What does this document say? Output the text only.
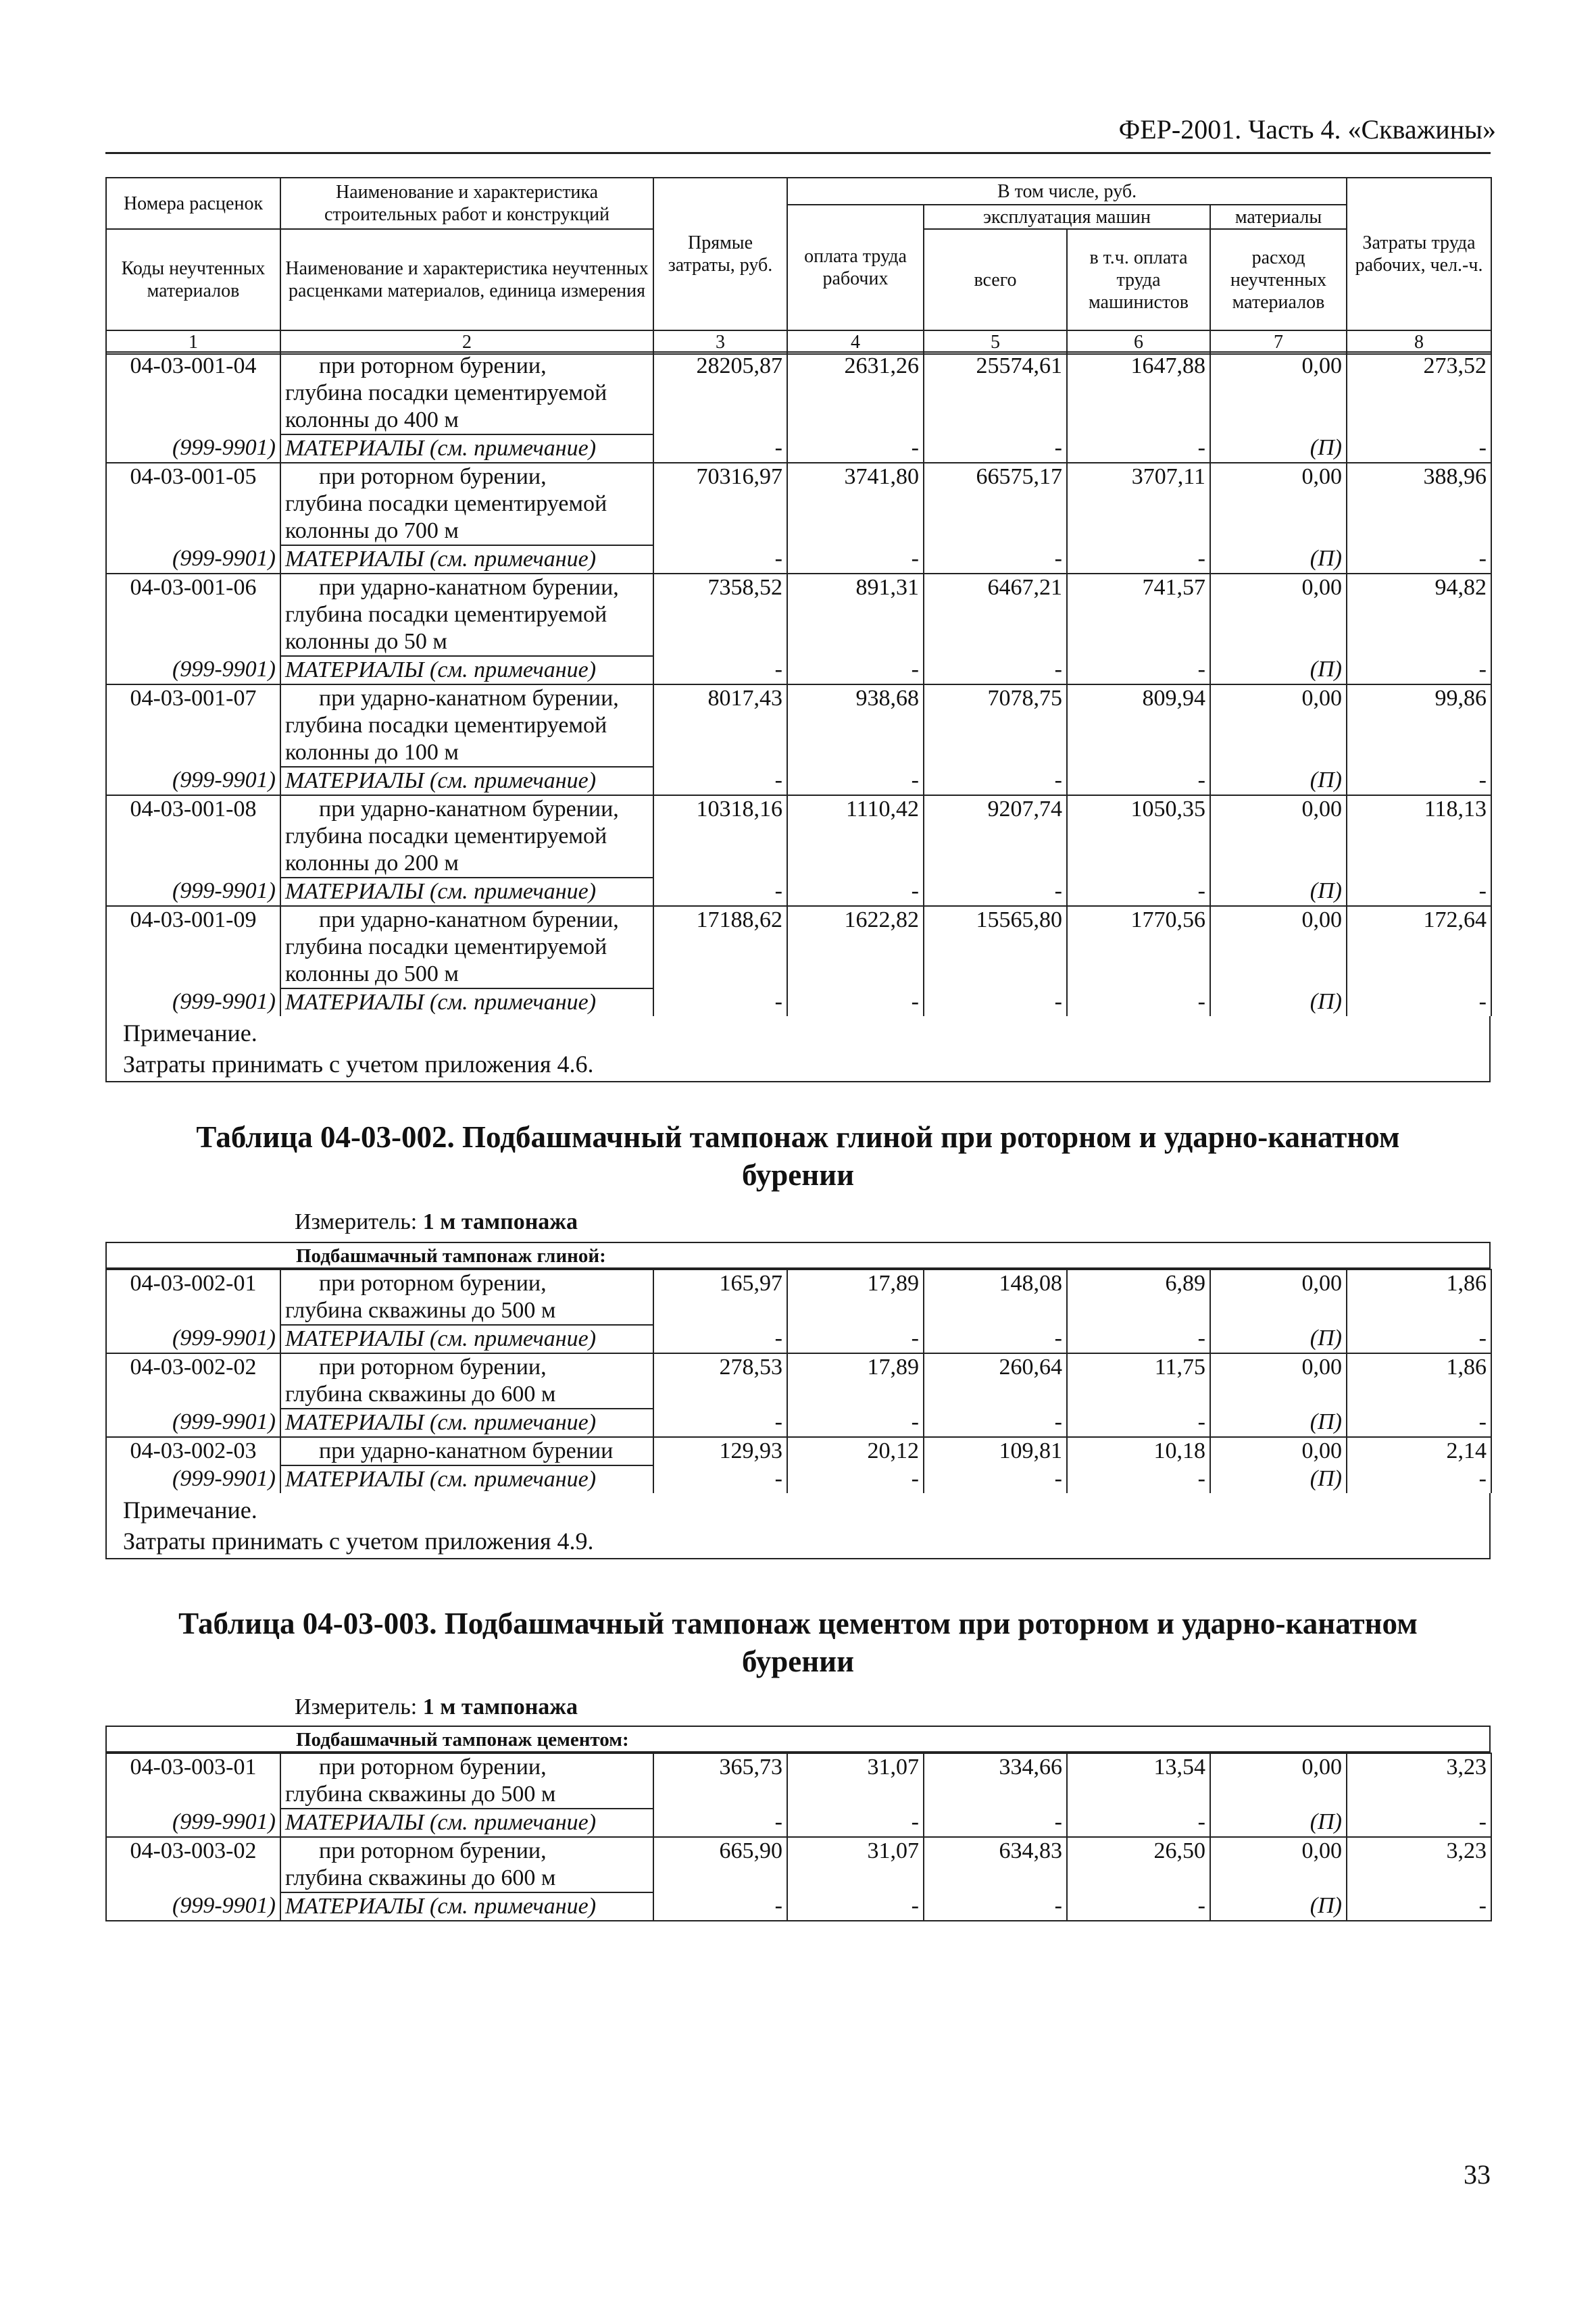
ФЕР-2001. Часть 4. «Скважины»
Номера расценок	Наименование и характеристика строительных работ и конструкций	Прямые затраты, руб.	В том числе, руб.				Затраты труда рабочих, чел.-ч.
			оплата труда рабочих	эксплуатация машин		материалы	
Коды неучтенных материалов	Наименование и характеристика неучтенных расценками материалов, единица измерения			всего	в т.ч. оплата труда машинистов	расход неучтенных материалов	

1	2	3	4	5	6	7	8
04-03-001-04	при роторном бурении,
глубина посадки цементируемой
колонны до 400 м	28205,87	2631,26	25574,61	1647,88	0,00	273,52
(999-9901)	МАТЕРИАЛЫ (см. примечание)	-	-	-	-	(П)	-
04-03-001-05	при роторном бурении,
глубина посадки цементируемой
колонны до 700 м	70316,97	3741,80	66575,17	3707,11	0,00	388,96
(999-9901)	МАТЕРИАЛЫ (см. примечание)	-	-	-	-	(П)	-
04-03-001-06	при ударно-канатном бурении,
глубина посадки цементируемой
колонны до 50 м	7358,52	891,31	6467,21	741,57	0,00	94,82
(999-9901)	МАТЕРИАЛЫ (см. примечание)	-	-	-	-	(П)	-
04-03-001-07	при ударно-канатном бурении,
глубина посадки цементируемой
колонны до 100 м	8017,43	938,68	7078,75	809,94	0,00	99,86
(999-9901)	МАТЕРИАЛЫ (см. примечание)	-	-	-	-	(П)	-
04-03-001-08	при ударно-канатном бурении,
глубина посадки цементируемой
колонны до 200 м	10318,16	1110,42	9207,74	1050,35	0,00	118,13
(999-9901)	МАТЕРИАЛЫ (см. примечание)	-	-	-	-	(П)	-
04-03-001-09	при ударно-канатном бурении,
глубина посадки цементируемой
колонны до 500 м	17188,62	1622,82	15565,80	1770,56	0,00	172,64
(999-9901)	МАТЕРИАЛЫ (см. примечание)	-	-	-	-	(П)	-
Примечание.
Затраты принимать с учетом приложения 4.6.
Таблица 04-03-002. Подбашмачный тампонаж глиной при роторном и ударно-канатном
бурении
Измеритель: 1 м тампонажа
Подбашмачный тампонаж глиной:
04-03-002-01	при роторном бурении,
глубина скважины до 500 м	165,97	17,89	148,08	6,89	0,00	1,86
(999-9901)	МАТЕРИАЛЫ (см. примечание)	-	-	-	-	(П)	-
04-03-002-02	при роторном бурении,
глубина скважины до 600 м	278,53	17,89	260,64	11,75	0,00	1,86
(999-9901)	МАТЕРИАЛЫ (см. примечание)	-	-	-	-	(П)	-
04-03-002-03	при ударно-канатном бурении	129,93	20,12	109,81	10,18	0,00	2,14
(999-9901)	МАТЕРИАЛЫ (см. примечание)	-	-	-	-	(П)	-
Примечание.
Затраты принимать с учетом приложения 4.9.
Таблица 04-03-003. Подбашмачный тампонаж цементом при роторном и ударно-канатном
бурении
Измеритель: 1 м тампонажа
Подбашмачный тампонаж цементом:
04-03-003-01	при роторном бурении,
глубина скважины до 500 м	365,73	31,07	334,66	13,54	0,00	3,23
(999-9901)	МАТЕРИАЛЫ (см. примечание)	-	-	-	-	(П)	-
04-03-003-02	при роторном бурении,
глубина скважины до 600 м	665,90	31,07	634,83	26,50	0,00	3,23
(999-9901)	МАТЕРИАЛЫ (см. примечание)	-	-	-	-	(П)	-
33
